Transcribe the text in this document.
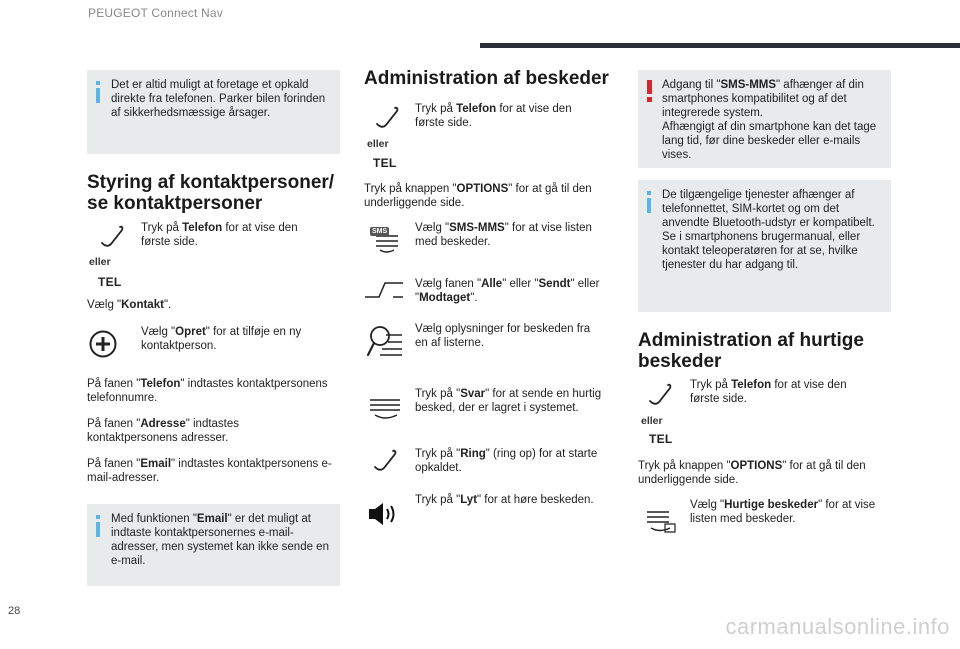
PEUGEOT Connect Nav

Det er altid muligt at foretage et opkald direkte fra telefonen. Parker bilen forinden af sikkerhedsmæssige årsager.

Styring af kontaktpersoner/
se kontaktpersoner
eller
TEL

Tryk på Telefon for at vise den første side.

Vælg "Kontakt".

Vælg "Opret" for at tilføje en ny kontaktperson.

På fanen "Telefon" indtastes kontaktpersonens telefonnumre.

På fanen "Adresse" indtastes kontaktpersonens adresser.

På fanen "Email" indtastes kontaktpersonens e-mail-adresser.

Med funktionen "Email" er det muligt at indtaste kontaktpersonernes e-mail-adresser, men systemet kan ikke sende en e-mail.

Administration af beskeder
eller
TEL

Tryk på Telefon for at vise den første side.

Tryk på knappen "OPTIONS" for at gå til den underliggende side.

SMS Vælg "SMS-MMS" for at vise listen med beskeder.

Vælg fanen "Alle" eller "Sendt" eller "Modtaget".

Vælg oplysninger for beskeden fra en af listerne.

Tryk på "Svar" for at sende en hurtig besked, der er lagret i systemet.

Tryk på "Ring" (ring op) for at starte opkaldet.

Tryk på "Lyt" for at høre beskeden.

Adgang til "SMS-MMS" afhænger af din smartphones kompatibilitet og af det integrerede system.
Afhængigt af din smartphone kan det tage lang tid, før dine beskeder eller e-mails vises.

De tilgængelige tjenester afhænger af telefonnettet, SIM-kortet og om det anvendte Bluetooth-udstyr er kompatibelt. Se i smartphonens brugermanual, eller kontakt teleoperatøren for at se, hvilke tjenester du har adgang til.

Administration af hurtige
beskeder
eller
TEL

Tryk på Telefon for at vise den første side.

Tryk på knappen "OPTIONS" for at gå til den underliggende side.

Vælg "Hurtige beskeder" for at vise listen med beskeder.

28
carmanualsonline.info
